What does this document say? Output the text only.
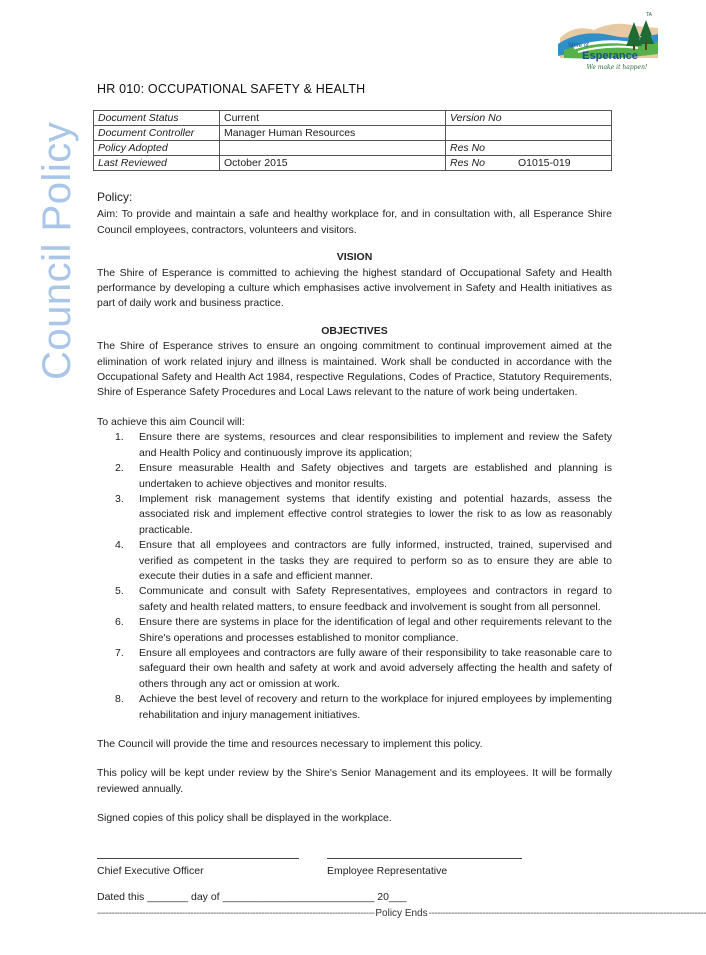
Council Policy
TA
Shire of
Esperance
We make it happen!
HR 010: OCCUPATIONAL SAFETY & HEALTH
Document Status	Current	Version No	
Document Controller	Manager Human Resources		
Policy Adopted		Res No	
Last Reviewed	October 2015	Res No	O1015-019

Policy:

Aim: To provide and maintain a safe and healthy workplace for, and in consultation with, all Esperance Shire Council employees, contractors, volunteers and visitors.

VISION

The Shire of Esperance is committed to achieving the highest standard of Occupational Safety and Health performance by developing a culture which emphasises active involvement in Safety and Health initiatives as part of daily work and business practice.

OBJECTIVES

The Shire of Esperance strives to ensure an ongoing commitment to continual improvement aimed at the elimination of work related injury and illness is maintained. Work shall be conducted in accordance with the Occupational Safety and Health Act 1984, respective Regulations, Codes of Practice, Statutory Requirements, Shire of Esperance Safety Procedures and Local Laws relevant to the nature of work being undertaken.

To achieve this aim Council will:

1. Ensure there are systems, resources and clear responsibilities to implement and review the Safety and Health Policy and continuously improve its application;
2. Ensure measurable Health and Safety objectives and targets are established and planning is undertaken to achieve objectives and monitor results.
3. Implement risk management systems that identify existing and potential hazards, assess the associated risk and implement effective control strategies to lower the risk to as low as reasonably practicable.
4. Ensure that all employees and contractors are fully informed, instructed, trained, supervised and verified as competent in the tasks they are required to perform so as to ensure they are able to execute their duties in a safe and efficient manner.
5. Communicate and consult with Safety Representatives, employees and contractors in regard to safety and health related matters, to ensure feedback and involvement is sought from all personnel.
6. Ensure there are systems in place for the identification of legal and other requirements relevant to the Shire's operations and processes established to monitor compliance.
7. Ensure all employees and contractors are fully aware of their responsibility to take reasonable care to safeguard their own health and safety at work and avoid adversely affecting the health and safety of others through any act or omission at work.
8. Achieve the best level of recovery and return to the workplace for injured employees by implementing rehabilitation and injury management initiatives.

The Council will provide the time and resources necessary to implement this policy.

This policy will be kept under review by the Shire's Senior Management and its employees. It will be formally reviewed annually.

Signed copies of this policy shall be displayed in the workplace.

Chief Executive Officer	Employee Representative
Dated this _______ day of __________________________ 20___
-------------------------------------------------------------------------------------------------- Policy Ends --------------------------------------------------------------------------------------------------
